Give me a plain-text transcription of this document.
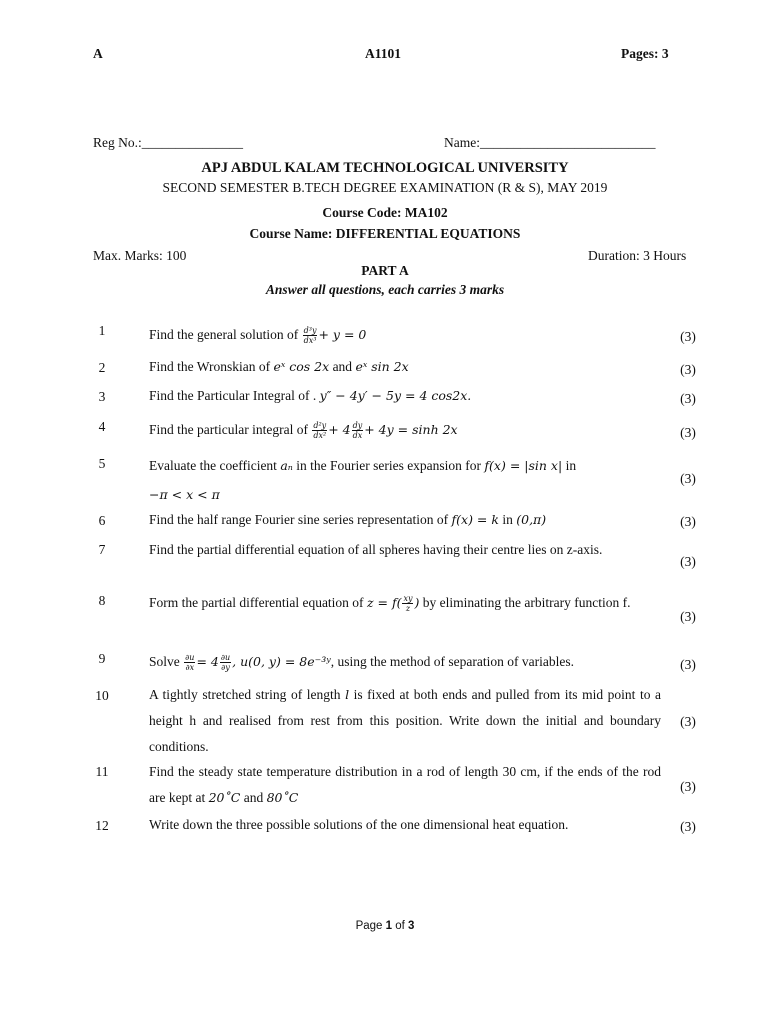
A	A1101	Pages: 3
Reg No.:_______________	Name:__________________________
APJ ABDUL KALAM TECHNOLOGICAL UNIVERSITY
SECOND SEMESTER B.TECH DEGREE EXAMINATION (R & S), MAY 2019
Course Code: MA102
Course Name: DIFFERENTIAL EQUATIONS
Max. Marks: 100	Duration: 3 Hours
PART A
Answer all questions, each carries 3 marks
1	Find the general solution of $\frac{\text{d³y}}{\text{dx³}} + y = 0$	(3)
2	Find the Wronskian of eˣ cos 2x and eˣ sin 2x	(3)
3	Find the Particular Integral of . y″ − 4y′ − 5y = 4 cos2x.	(3)
4	Find the particular integral of $\frac{\text{d²y}}{\text{dx²}} + 4 \frac{dy}{dx} + 4y = \sinh 2x$	(3)
5	Evaluate the coefficient aₙ in the Fourier series expansion for f(x) = |sin x| in
−π < x < π
(3)
6	Find the half range Fourier sine series representation of f(x) = k in (0,π)	(3)
7	Find the partial differential equation of all spheres having their centre lies on z-axis.
(3)
8	Form the partial differential equation of $z = f( \frac{xy}{z}$ ) by eliminating the arbitrary function f.
(3)
9	Solve $\frac{\partial u}{\partial x} = 4 \frac{\partial u}{\partial y}$ , u(0, y) = 8e⁻³ʸ, using the method of separation of variables.	(3)
10	A tightly stretched string of length l is fixed at both ends and pulled from its mid point to a height h and realised from rest from this position. Write down the initial and boundary conditions.
(3)
11	Find the steady state temperature distribution in a rod of length 30 cm, if the ends of the rod are kept at 20˚C and 80˚C
(3)
12	Write down the three possible solutions of the one dimensional heat equation.	(3)
Page 1 of 3
